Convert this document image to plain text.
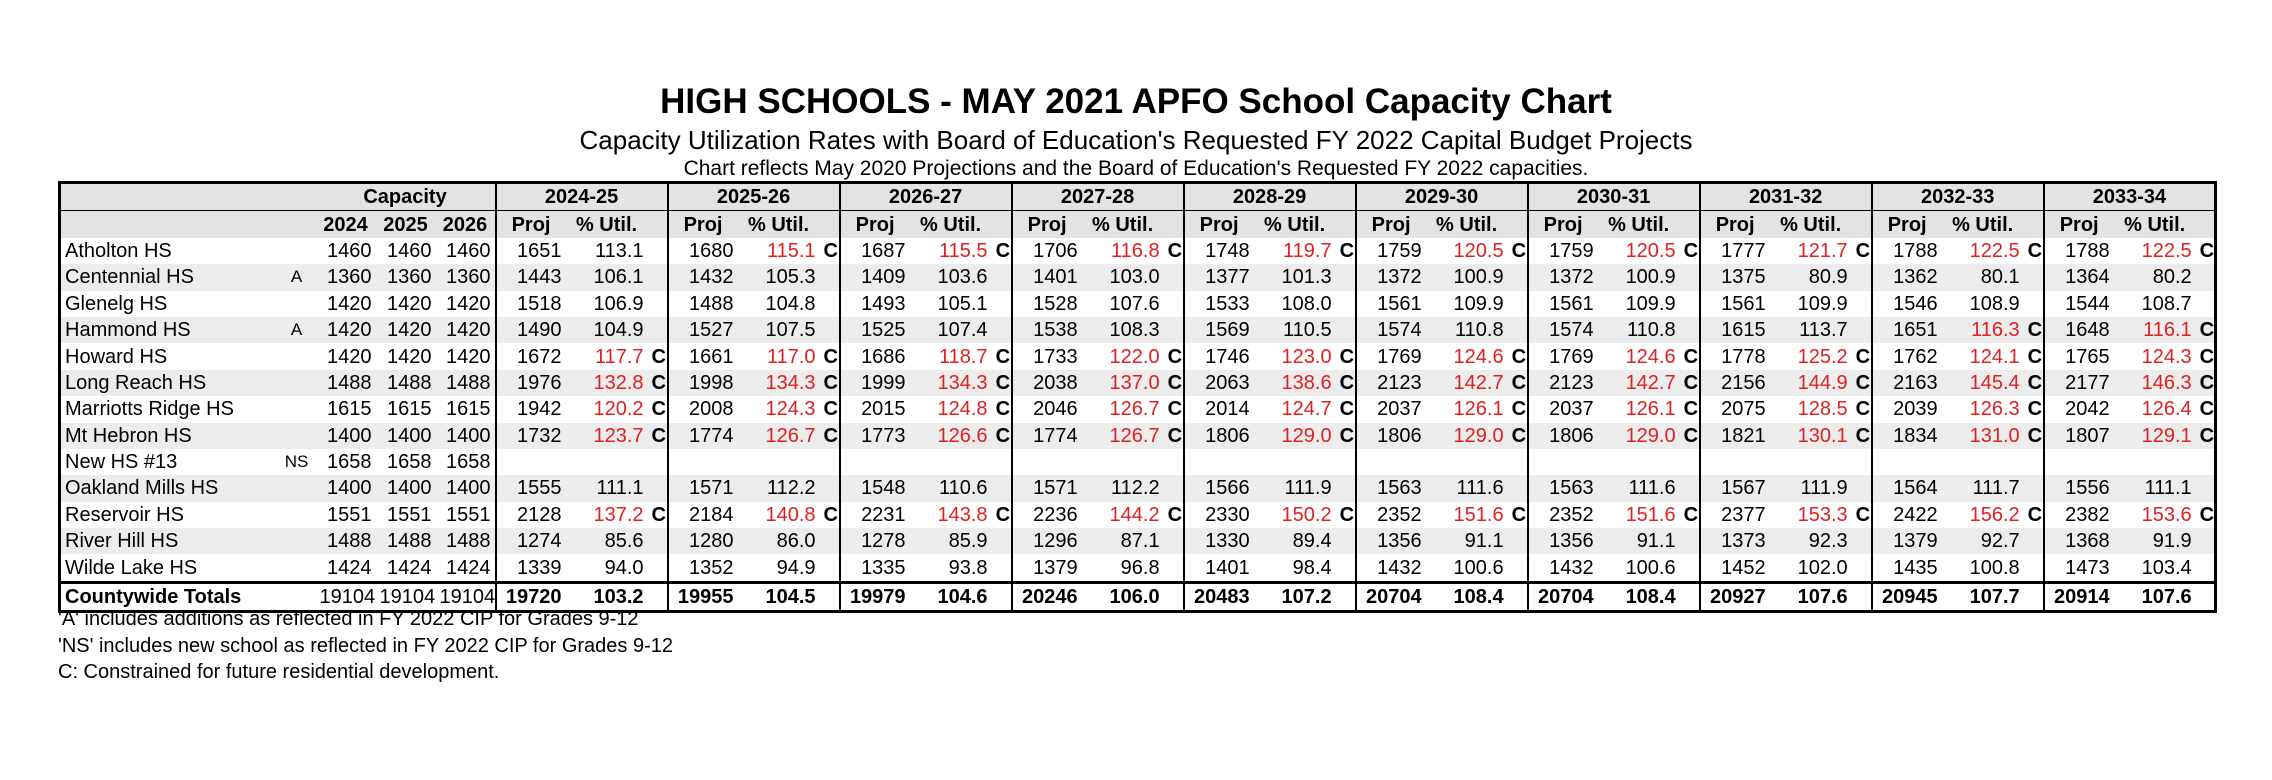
HIGH SCHOOLS - MAY 2021 APFO School Capacity Chart
Capacity Utilization Rates with Board of Education's Requested FY 2022 Capital Budget Projects
Chart reflects May 2020 Projections and the Board of Education's Requested FY 2022 capacities.
		Capacity			2024-25			2025-26			2026-27			2027-28			2028-29			2029-30			2030-31			2031-32			2032-33			2033-34		
		2024	2025	2026	Proj	% Util.		Proj	% Util.		Proj	% Util.		Proj	% Util.		Proj	% Util.		Proj	% Util.		Proj	% Util.		Proj	% Util.		Proj	% Util.		Proj	% Util.	
Atholton HS		1460	1460	1460	1651	113.1		1680	115.1	C	1687	115.5	C	1706	116.8	C	1748	119.7	C	1759	120.5	C	1759	120.5	C	1777	121.7	C	1788	122.5	C	1788	122.5	C
Centennial HS	A	1360	1360	1360	1443	106.1		1432	105.3		1409	103.6		1401	103.0		1377	101.3		1372	100.9		1372	100.9		1375	80.9		1362	80.1		1364	80.2	
Glenelg HS		1420	1420	1420	1518	106.9		1488	104.8		1493	105.1		1528	107.6		1533	108.0		1561	109.9		1561	109.9		1561	109.9		1546	108.9		1544	108.7	
Hammond HS	A	1420	1420	1420	1490	104.9		1527	107.5		1525	107.4		1538	108.3		1569	110.5		1574	110.8		1574	110.8		1615	113.7		1651	116.3	C	1648	116.1	C
Howard HS		1420	1420	1420	1672	117.7	C	1661	117.0	C	1686	118.7	C	1733	122.0	C	1746	123.0	C	1769	124.6	C	1769	124.6	C	1778	125.2	C	1762	124.1	C	1765	124.3	C
Long Reach HS		1488	1488	1488	1976	132.8	C	1998	134.3	C	1999	134.3	C	2038	137.0	C	2063	138.6	C	2123	142.7	C	2123	142.7	C	2156	144.9	C	2163	145.4	C	2177	146.3	C
Marriotts Ridge HS		1615	1615	1615	1942	120.2	C	2008	124.3	C	2015	124.8	C	2046	126.7	C	2014	124.7	C	2037	126.1	C	2037	126.1	C	2075	128.5	C	2039	126.3	C	2042	126.4	C
Mt Hebron HS		1400	1400	1400	1732	123.7	C	1774	126.7	C	1773	126.6	C	1774	126.7	C	1806	129.0	C	1806	129.0	C	1806	129.0	C	1821	130.1	C	1834	131.0	C	1807	129.1	C
New HS #13	NS	1658	1658	1658																														
Oakland Mills HS		1400	1400	1400	1555	111.1		1571	112.2		1548	110.6		1571	112.2		1566	111.9		1563	111.6		1563	111.6		1567	111.9		1564	111.7		1556	111.1	
Reservoir HS		1551	1551	1551	2128	137.2	C	2184	140.8	C	2231	143.8	C	2236	144.2	C	2330	150.2	C	2352	151.6	C	2352	151.6	C	2377	153.3	C	2422	156.2	C	2382	153.6	C
River Hill HS		1488	1488	1488	1274	85.6		1280	86.0		1278	85.9		1296	87.1		1330	89.4		1356	91.1		1356	91.1		1373	92.3		1379	92.7		1368	91.9	
Wilde Lake HS		1424	1424	1424	1339	94.0		1352	94.9		1335	93.8		1379	96.8		1401	98.4		1432	100.6		1432	100.6		1452	102.0		1435	100.8		1473	103.4	
Countywide Totals		19104	19104	19104	19720	103.2		19955	104.5		19979	104.6		20246	106.0		20483	107.2		20704	108.4		20704	108.4		20927	107.6		20945	107.7		20914	107.6	
'A' includes additions as reflected in FY 2022 CIP for Grades 9-12
'NS' includes new school as reflected in FY 2022 CIP for Grades 9-12
C: Constrained for future residential development.
